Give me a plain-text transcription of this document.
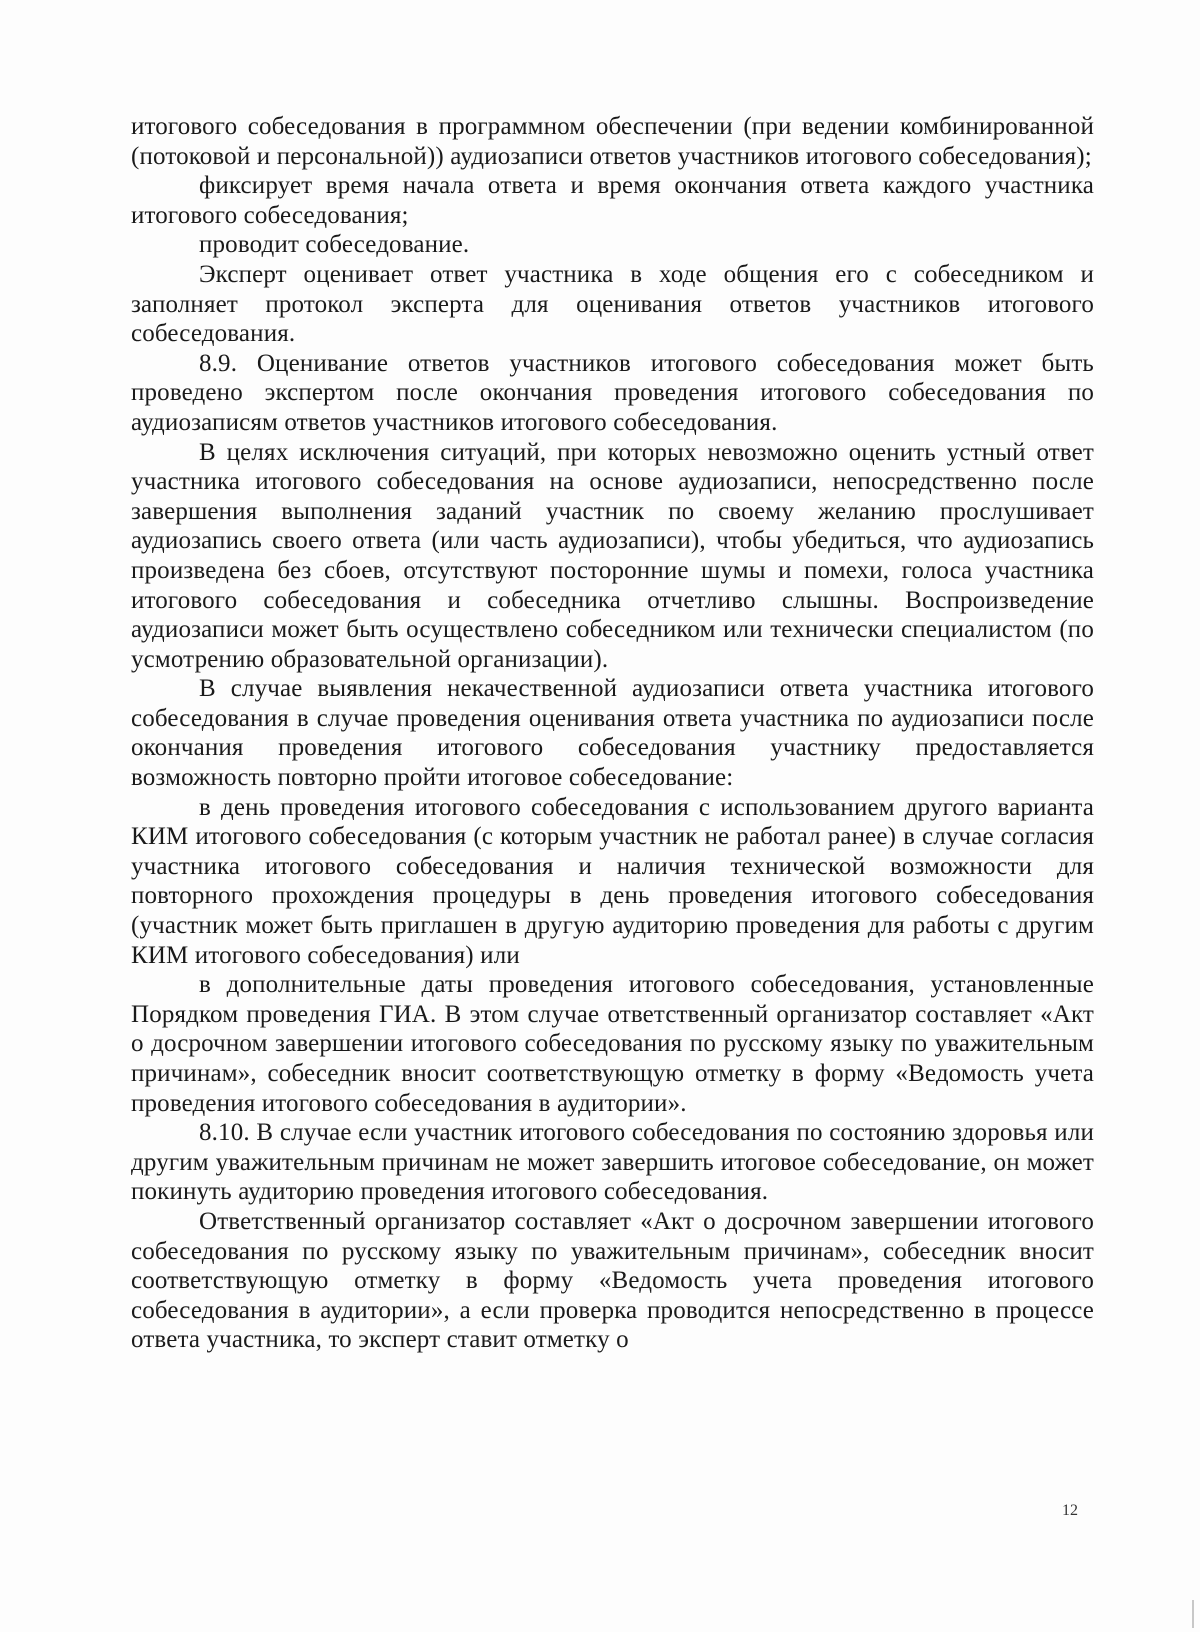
итогового собеседования в программном обеспечении (при ведении комбинированной (потоковой и персональной)) аудиозаписи ответов участников итогового собеседования);

фиксирует время начала ответа и время окончания ответа каждого участника итогового собеседования;

проводит собеседование.

Эксперт оценивает ответ участника в ходе общения его с собеседником и заполняет протокол эксперта для оценивания ответов участников итогового собеседования.

8.9. Оценивание ответов участников итогового собеседования может быть проведено экспертом после окончания проведения итогового собеседования по аудиозаписям ответов участников итогового собеседования.

В целях исключения ситуаций, при которых невозможно оценить устный ответ участника итогового собеседования на основе аудиозаписи, непосредственно после завершения выполнения заданий участник по своему желанию прослушивает аудиозапись своего ответа (или часть аудиозаписи), чтобы убедиться, что аудиозапись произведена без сбоев, отсутствуют посторонние шумы и помехи, голоса участника итогового собеседования и собеседника отчетливо слышны. Воспроизведение аудиозаписи может быть осуществлено собеседником или технически специалистом (по усмотрению образовательной организации).

В случае выявления некачественной аудиозаписи ответа участника итогового собеседования в случае проведения оценивания ответа участника по аудиозаписи после окончания проведения итогового собеседования участнику предоставляется возможность повторно пройти итоговое собеседование:

в день проведения итогового собеседования с использованием другого варианта КИМ итогового собеседования (с которым участник не работал ранее) в случае согласия участника итогового собеседования и наличия технической возможности для повторного прохождения процедуры в день проведения итогового собеседования (участник может быть приглашен в другую аудиторию проведения для работы с другим КИМ итогового собеседования) или

в дополнительные даты проведения итогового собеседования, установленные Порядком проведения ГИА. В этом случае ответственный организатор составляет «Акт о досрочном завершении итогового собеседования по русскому языку по уважительным причинам», собеседник вносит соответствующую отметку в форму «Ведомость учета проведения итогового собеседования в аудитории».

8.10. В случае если участник итогового собеседования по состоянию здоровья или другим уважительным причинам не может завершить итоговое собеседование, он может покинуть аудиторию проведения итогового собеседования.

Ответственный организатор составляет «Акт о досрочном завершении итогового собеседования по русскому языку по уважительным причинам», собеседник вносит соответствующую отметку в форму «Ведомость учета проведения итогового собеседования в аудитории», а если проверка проводится непосредственно в процессе ответа участника, то эксперт ставит отметку о

12
